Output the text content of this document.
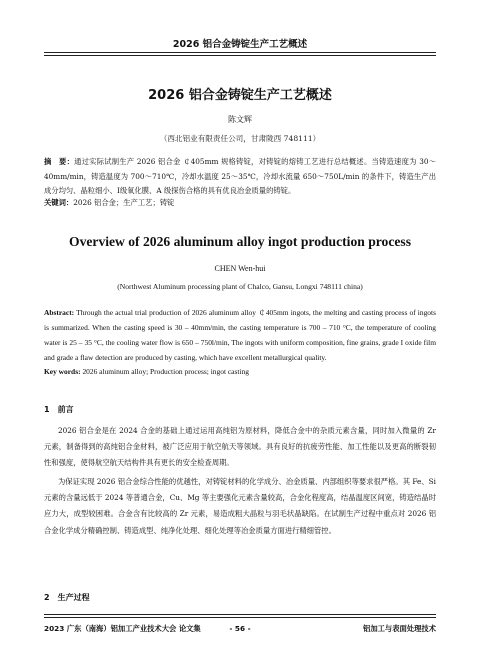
2026 铝合金铸锭生产工艺概述
2026 铝合金铸锭生产工艺概述
陈文辉
（西北铝业有限责任公司，甘肃陇西 748111）
摘　要：通过实际试制生产 2026 铝合金 ￠405mm 规格铸锭，对铸锭的熔铸工艺进行总结概述。当铸造速度为 30～40mm/min，铸造温度为 700～710℃，冷却水温度 25～35℃，冷却水流量 650～750L/min 的条件下，铸造生产出成分均匀、晶粒细小、Ⅰ级氧化膜、A 级探伤合格的具有优良冶金质量的铸锭。
关键词：2026 铝合金；生产工艺；铸锭
Overview of 2026 aluminum alloy ingot production process
CHEN Wen-hui
(Northwest Aluminum processing plant of Chalco, Gansu, Longxi 748111 china)
Abstract: Through the actual trial production of 2026 aluminum alloy ￠405mm ingots, the melting and casting process of ingots is summarized. When the casting speed is 30 – 40mm/min, the casting temperature is 700 – 710 °C, the temperature of cooling water is 25 – 35 °C, the cooling water flow is 650 – 750l/min, The ingots with uniform composition, fine grains, grade I oxide film and grade a flaw detection are produced by casting, which have excellent metallurgical quality.
Key words: 2026 aluminum alloy; Production process; ingot casting
1　前言
2026 铝合金是在 2024 合金的基础上通过运用高纯铝为原材料，降低合金中的杂质元素含量，同时加入微量的 Zr 元素，制备得到的高纯铝合金材料，被广泛应用于航空航天等领域。具有良好的抗疲劳性能、加工性能以及更高的断裂韧性和强度，使得航空航天结构件具有更长的安全检查周期。
为保证实现 2026 铝合金综合性能的优越性，对铸锭材料的化学成分、冶金质量、内部组织等要求很严格。其 Fe、Si 元素的含量远低于 2024 等普通合金，Cu、Mg 等主要强化元素含量较高，合金化程度高，结晶温度区间宽，铸造结晶时应力大，成型较困难。合金含有比较高的 Zr 元素，易造成粗大晶粒与羽毛状晶缺陷。在试制生产过程中重点对 2026 铝合金化学成分精确控制、铸造成型、纯净化处理、细化处理等冶金质量方面进行精细管控。
2　生产过程
2023 广东（南海）铝加工产业技术大会 论文集	- 56 -	铝加工与表面处理技术
